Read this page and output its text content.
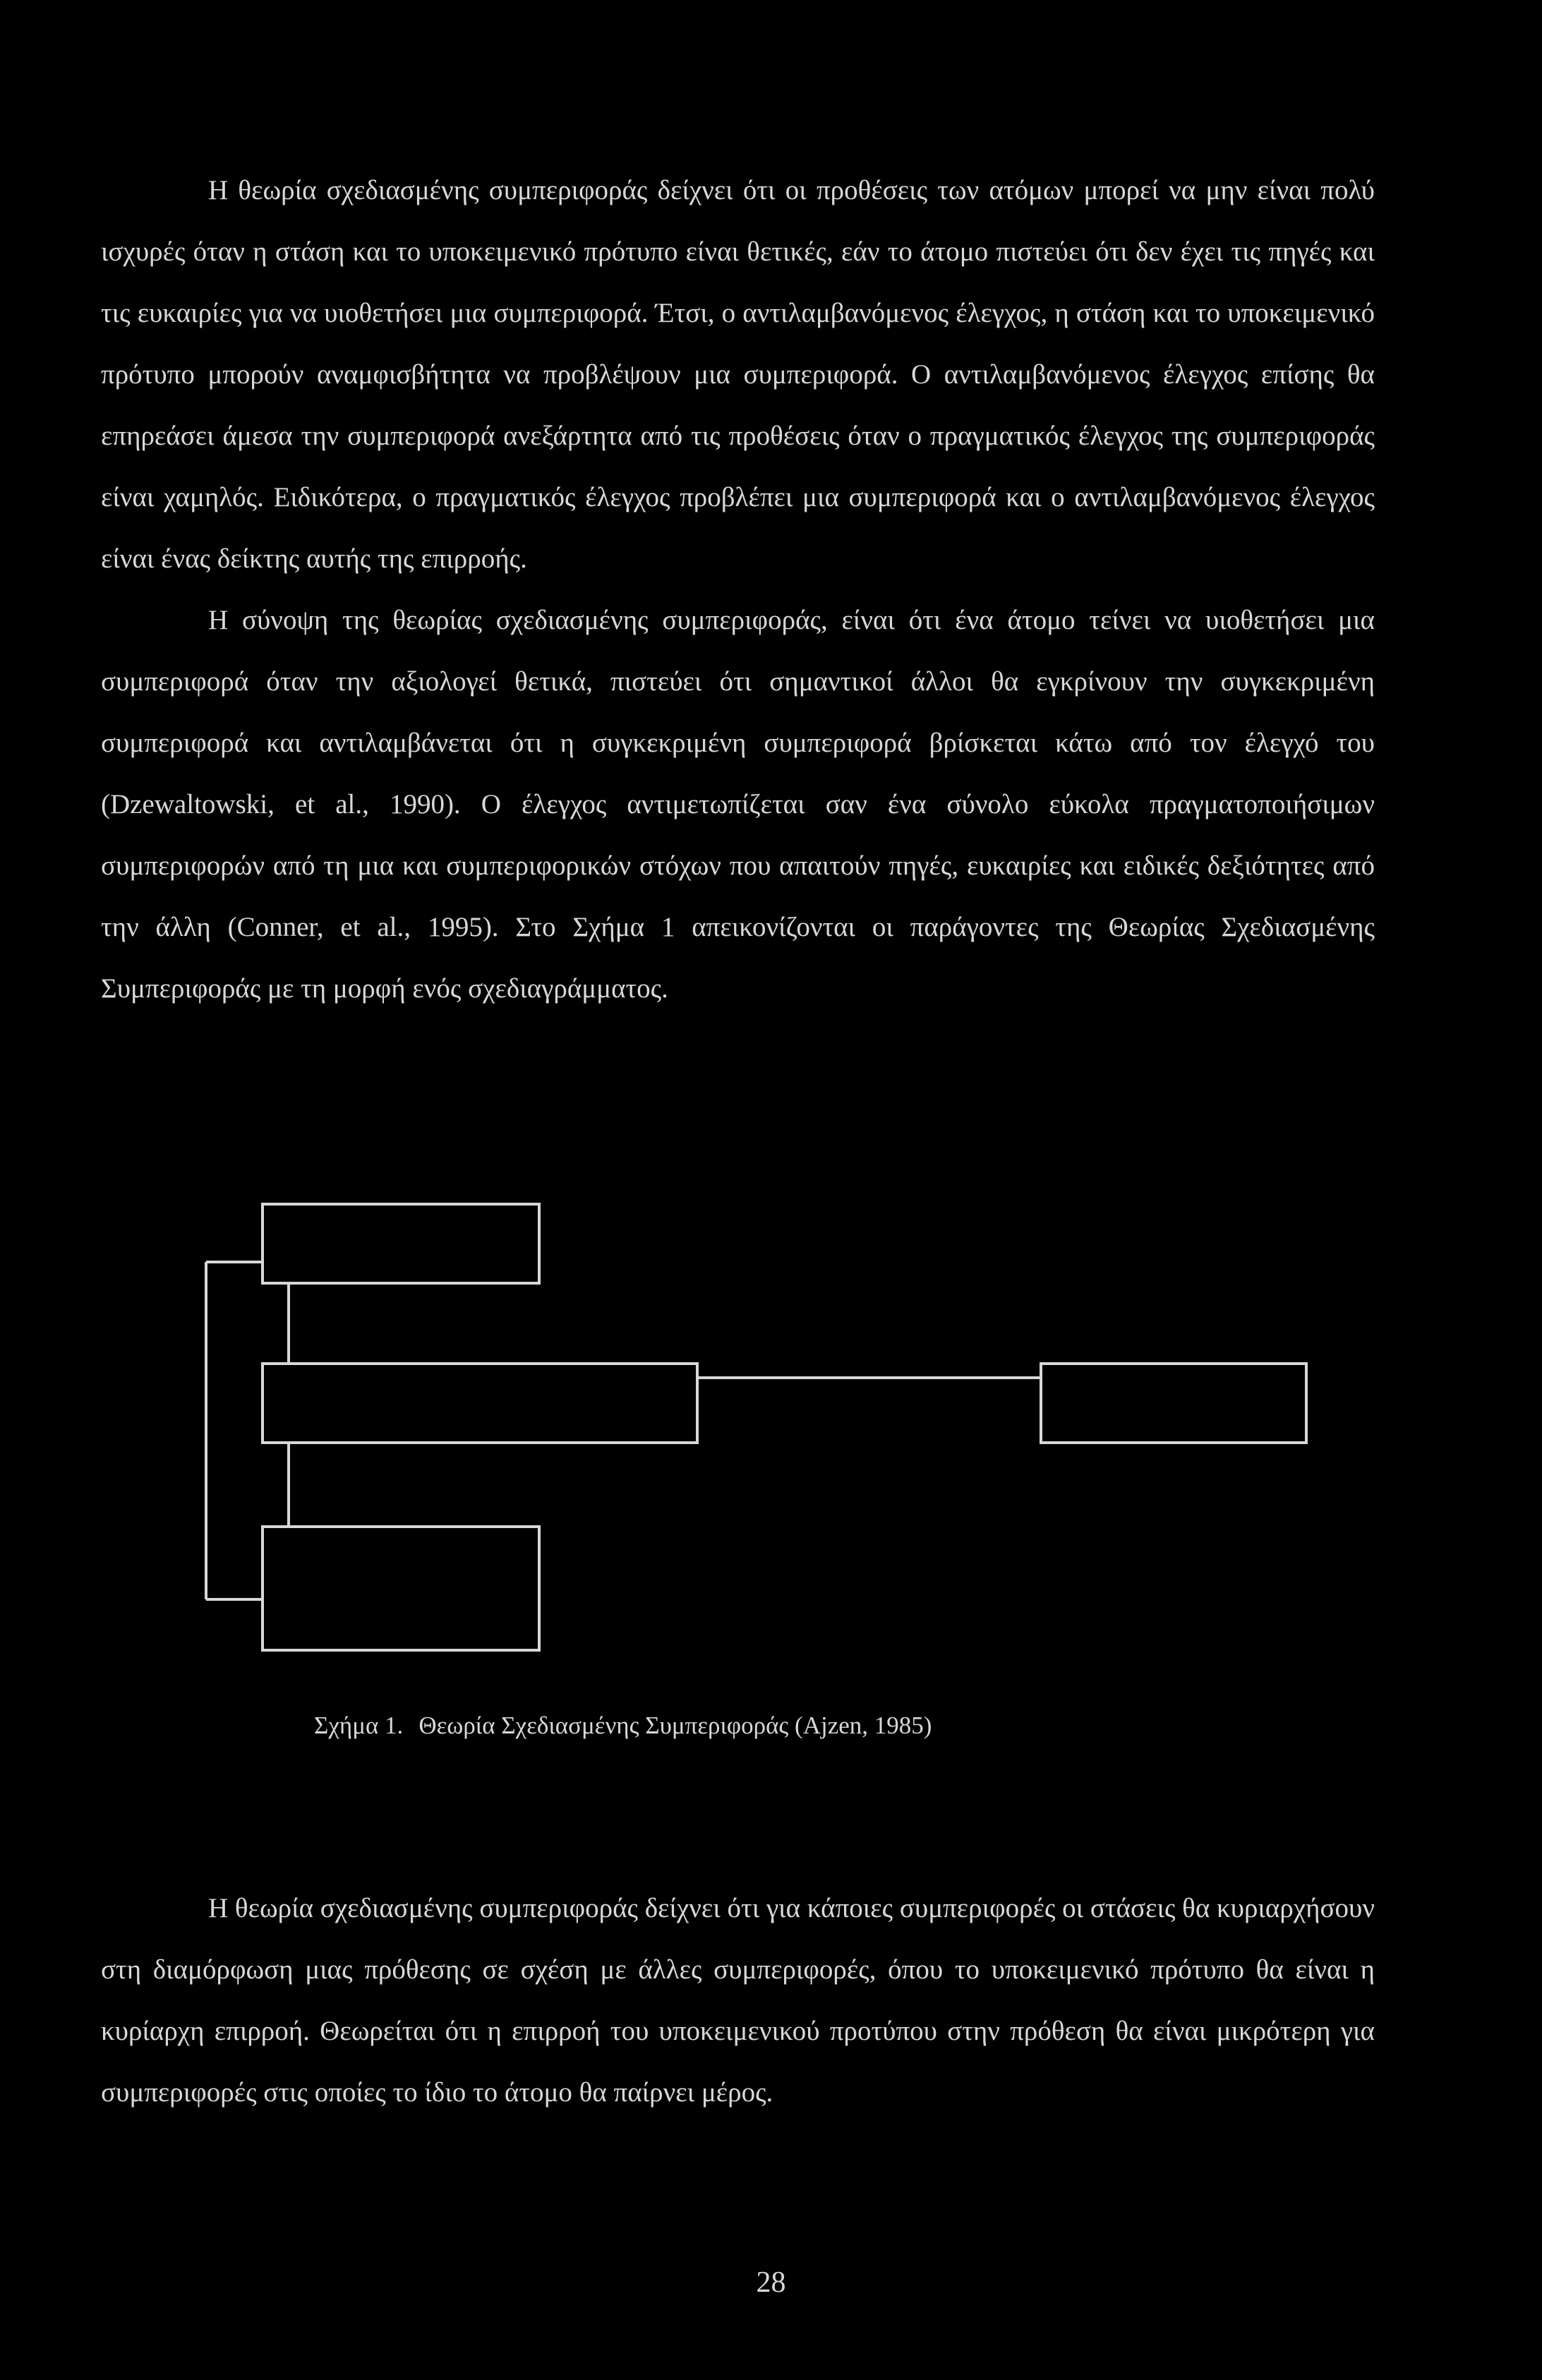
Η θεωρία σχεδιασμένης συμπεριφοράς δείχνει ότι οι προθέσεις των ατόμων μπορεί να μην είναι πολύ ισχυρές όταν η στάση και το υποκειμενικό πρότυπο είναι θετικές, εάν το άτομο πιστεύει ότι δεν έχει τις πηγές και τις ευκαιρίες για να υιοθετήσει μια συμπεριφορά. Έτσι, ο αντιλαμβανόμενος έλεγχος, η στάση και το υποκειμενικό πρότυπο μπορούν αναμφισβήτητα να προβλέψουν μια συμπεριφορά. Ο αντιλαμβανόμενος έλεγχος επίσης θα επηρεάσει άμεσα την συμπεριφορά ανεξάρτητα από τις προθέσεις όταν ο πραγματικός έλεγχος της συμπεριφοράς είναι χαμηλός. Ειδικότερα, ο πραγματικός έλεγχος προβλέπει μια συμπεριφορά και ο αντιλαμβανόμενος έλεγχος είναι ένας δείκτης αυτής της επιρροής.

Η σύνοψη της θεωρίας σχεδιασμένης συμπεριφοράς, είναι ότι ένα άτομο τείνει να υιοθετήσει μια συμπεριφορά όταν την αξιολογεί θετικά, πιστεύει ότι σημαντικοί άλλοι θα εγκρίνουν την συγκεκριμένη συμπεριφορά και αντιλαμβάνεται ότι η συγκεκριμένη συμπεριφορά βρίσκεται κάτω από τον έλεγχό του (Dzewaltowski, et al., 1990). Ο έλεγχος αντιμετωπίζεται σαν ένα σύνολο εύκολα πραγματοποιήσιμων συμπεριφορών από τη μια και συμπεριφορικών στόχων που απαιτούν πηγές, ευκαιρίες και ειδικές δεξιότητες από την άλλη (Conner, et al., 1995). Στο Σχήμα 1 απεικονίζονται οι παράγοντες της Θεωρίας Σχεδιασμένης Συμπεριφοράς με τη μορφή ενός σχεδιαγράμματος.

Σχήμα 1. Θεωρία Σχεδιασμένης Συμπεριφοράς (Ajzen, 1985)

Η θεωρία σχεδιασμένης συμπεριφοράς δείχνει ότι για κάποιες συμπεριφορές οι στάσεις θα κυριαρχήσουν στη διαμόρφωση μιας πρόθεσης σε σχέση με άλλες συμπεριφορές, όπου το υποκειμενικό πρότυπο θα είναι η κυρίαρχη επιρροή. Θεωρείται ότι η επιρροή του υποκειμενικού προτύπου στην πρόθεση θα είναι μικρότερη για συμπεριφορές στις οποίες το ίδιο το άτομο θα παίρνει μέρος.

28
